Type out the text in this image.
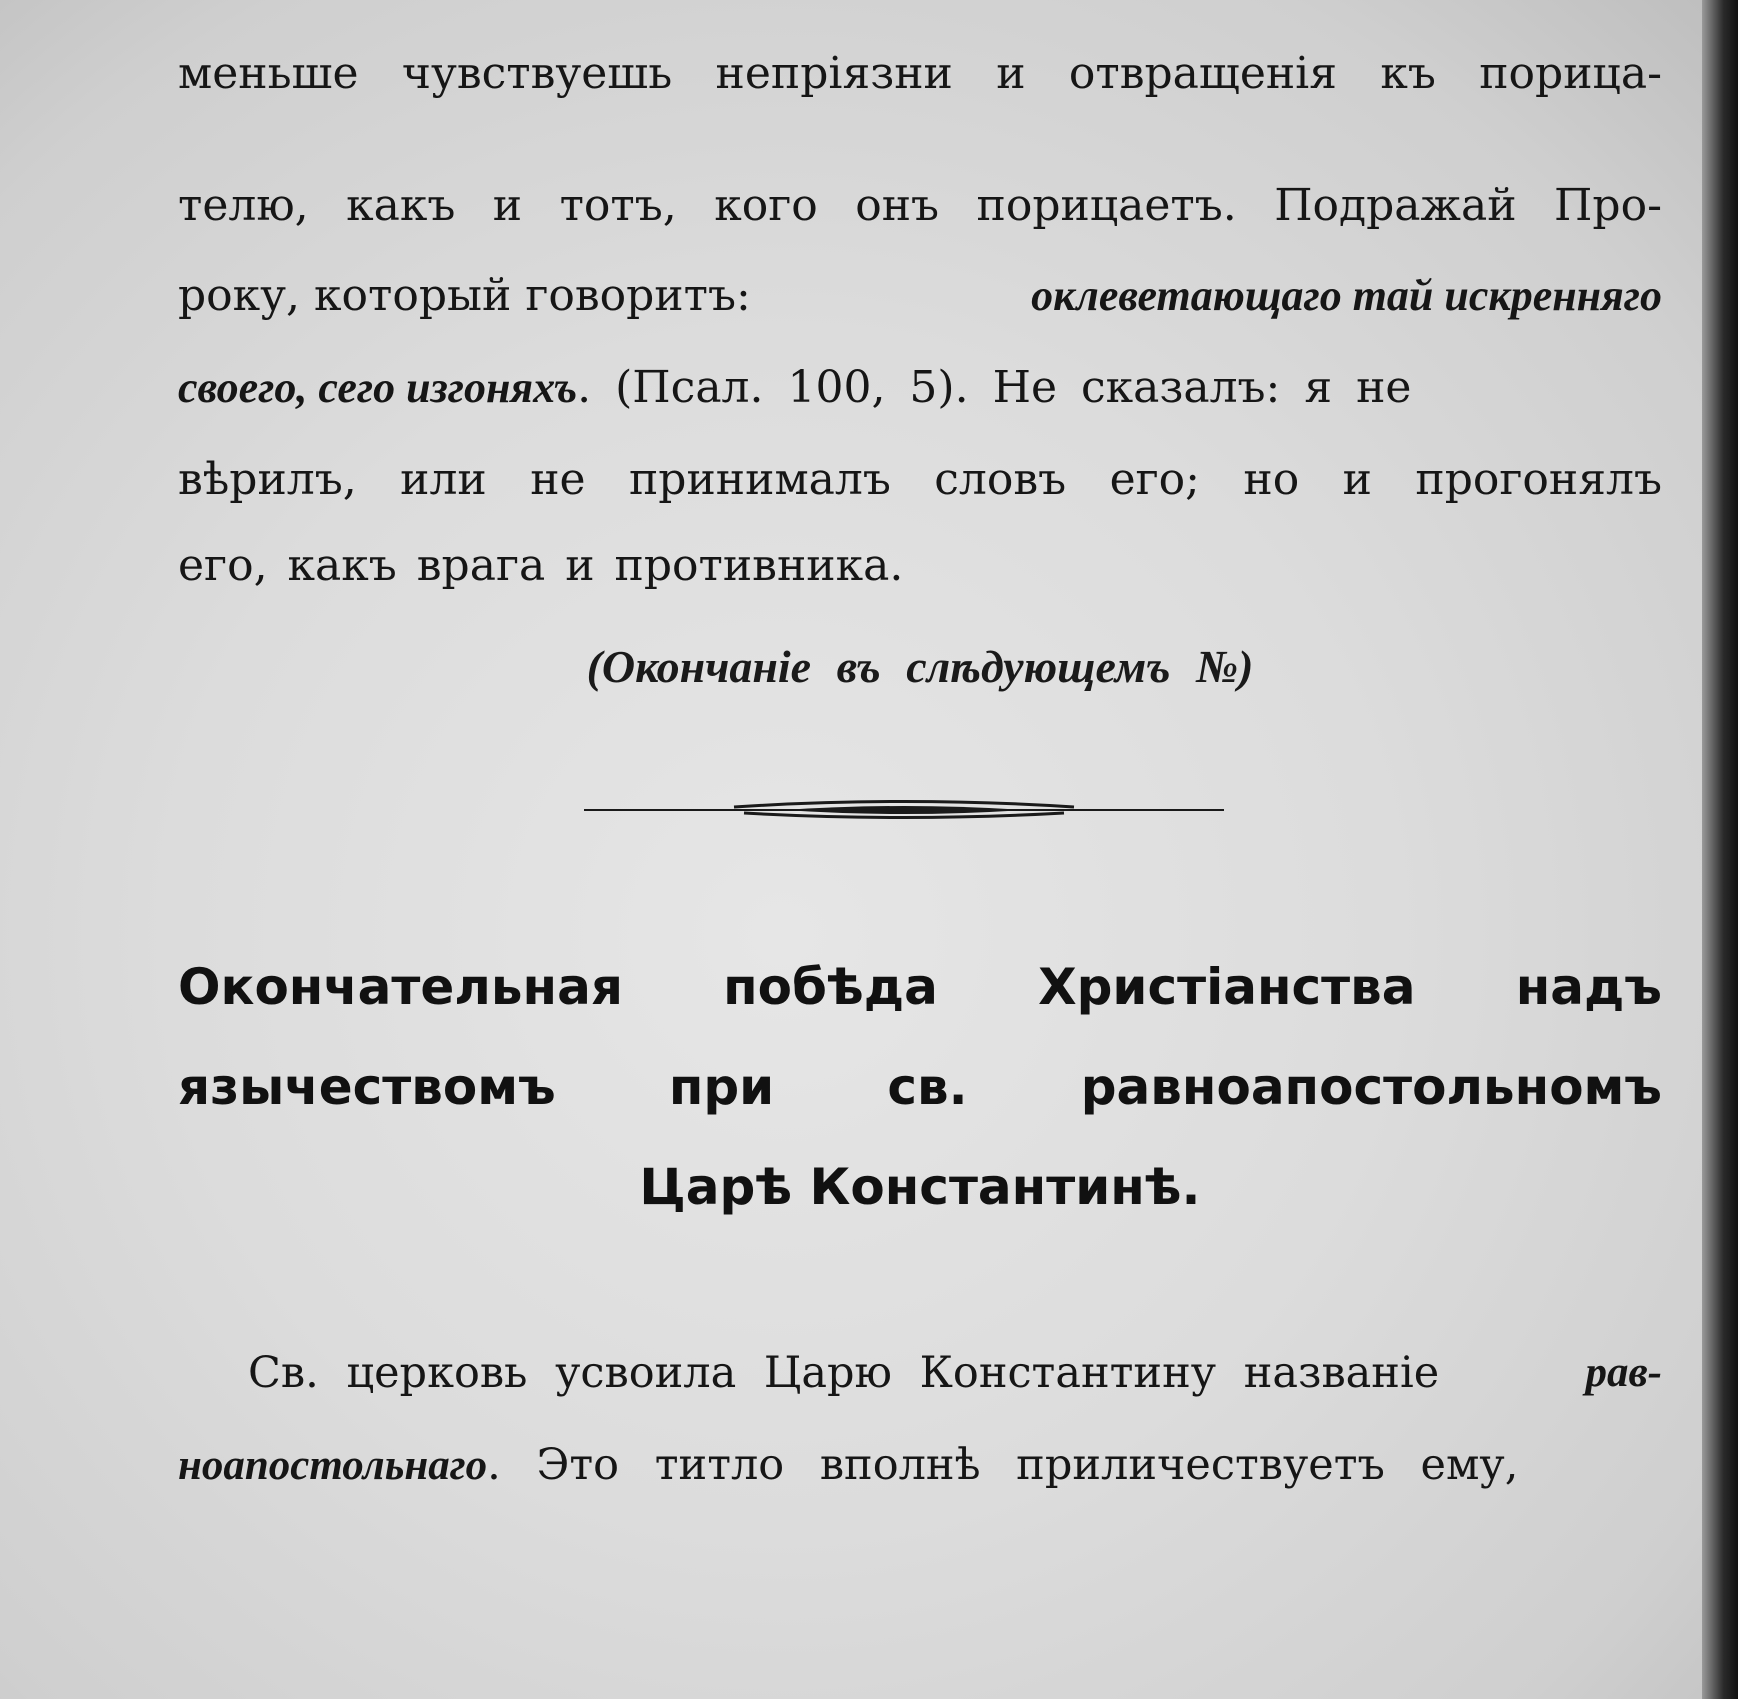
меньше чувствуешь непріязни и отвращенія къ порица-
телю, какъ и тотъ, кого онъ порицаетъ. Подражай Про-
року, который говоритъ:	оклеветающаго тай искренняго
своего, сего изгоняхъ. (Псал. 100, 5). Не сказалъ: я не
вѣрилъ, или не принималъ словъ его; но и прогонялъ
его, какъ врага и противника.
(Окончаніе въ слѣдующемъ №)
Окончательная побѣда Христіанства надъ
язычествомъ при св. равноапостольномъ
Царѣ Константинѣ.
Св. церковь усвоила Царю Константину названіе	рав-
ноапостольнаго. Это титло вполнѣ приличествуетъ ему,
